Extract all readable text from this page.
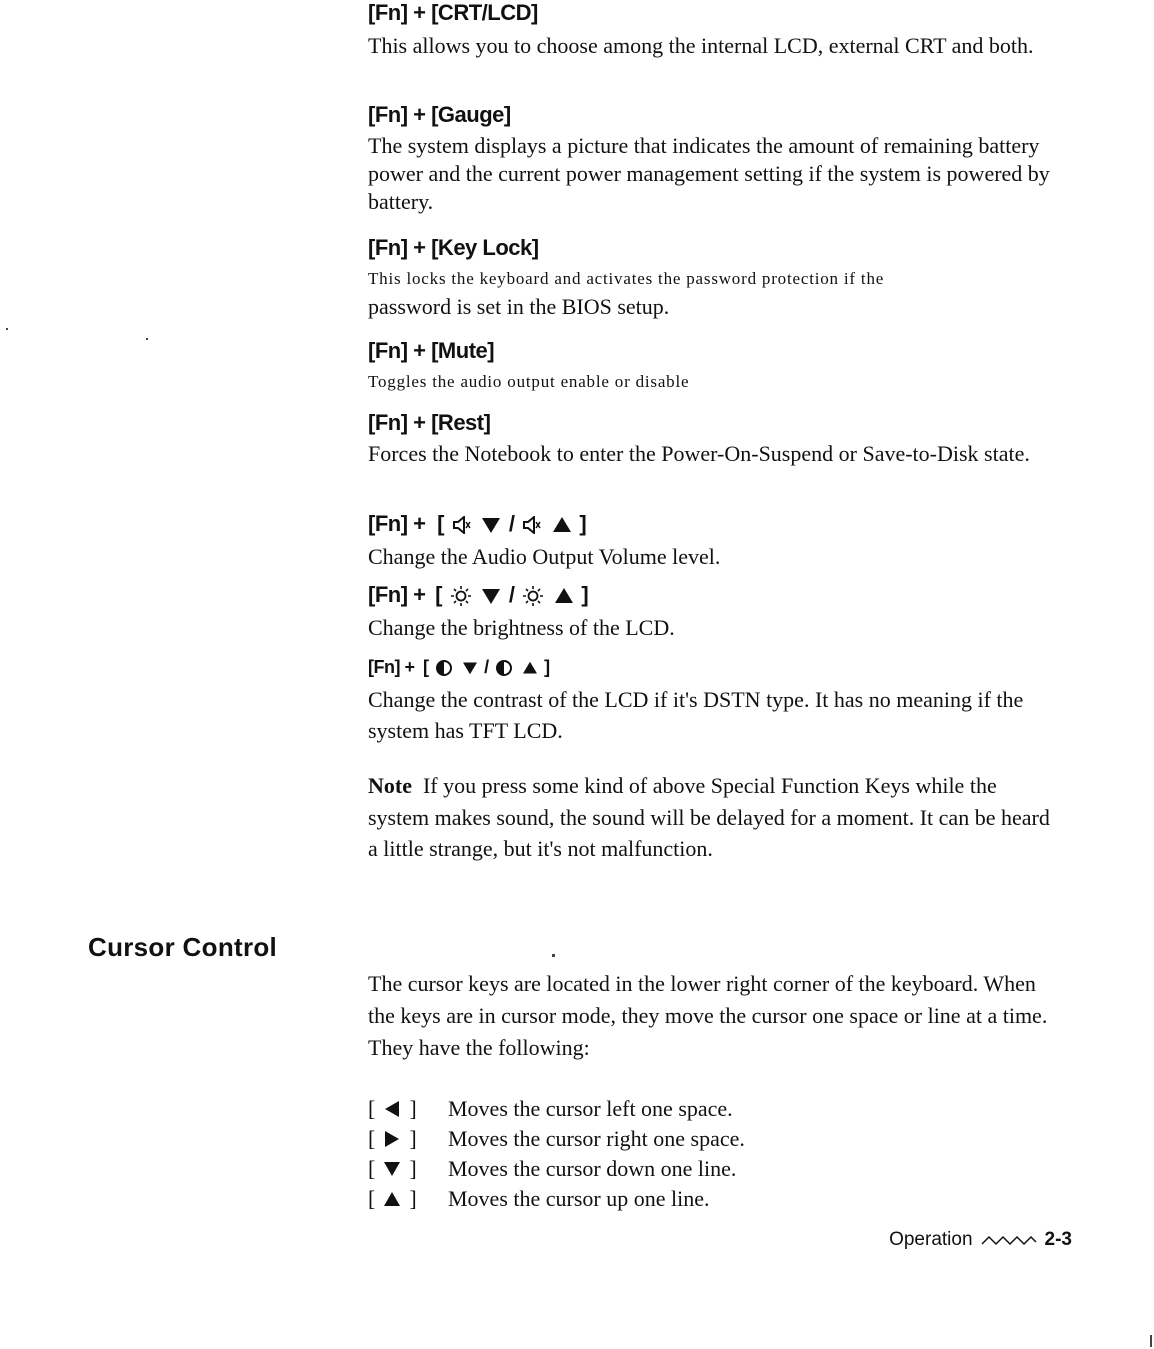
[Fn] + [CRT/LCD]

This allows you to choose among the internal LCD, external CRT and both.

[Fn] + [Gauge]

The system displays a picture that indicates the amount of remaining battery power and the current power management setting if the system is powered by battery.

[Fn] + [Key Lock]

This locks the keyboard and activates the password protection if the

password is set in the BIOS setup.

[Fn] + [Mute]

Toggles the audio output enable or disable

[Fn] + [Rest]

Forces the Notebook to enter the Power-On-Suspend or Save-to-Disk state.

[Fn] + [	/	]

Change the Audio Output Volume level.

[Fn] + [	/	]

Change the brightness of the LCD.

[Fn] + [	/	]

Change the contrast of the LCD if it's DSTN type. It has no meaning if the system has TFT LCD.

Note If you press some kind of above Special Function Keys while the system makes sound, the sound will be delayed for a moment. It can be heard a little strange, but it's not malfunction.

Cursor Control

The cursor keys are located in the lower right corner of the keyboard. When the keys are in cursor mode, they move the cursor one space or line at a time. They have the following:

[ ] Moves the cursor left one space.
[ ] Moves the cursor right one space.
[ ] Moves the cursor down one line.
[ ] Moves the cursor up one line.
Operation	2-3
